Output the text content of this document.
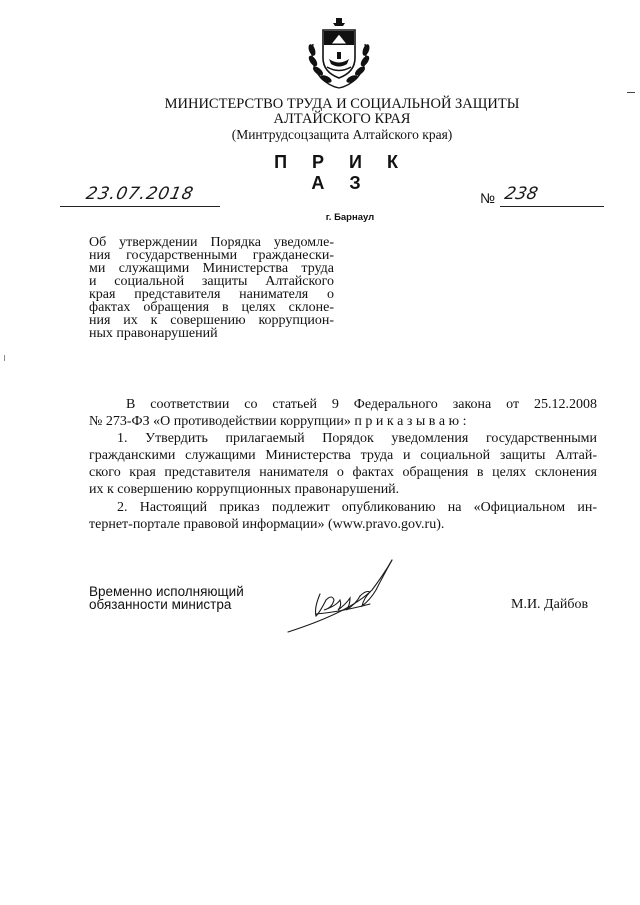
МИНИСТЕРСТВО ТРУДА И СОЦИАЛЬНОЙ ЗАЩИТЫ
АЛТАЙСКОГО КРАЯ
(Минтрудсоцзащита Алтайского края)
П Р И К А З
23.07.2018	№ 238
г. Барнаул
Об утверждении Порядка уведомле-
ния государственными гражданески-
ми служащими Министерства труда
и социальной защиты Алтайского
края представителя нанимателя о
фактах обращения в целях склоне-
ния их к совершению коррупцион-
ных правонарушений
В соответствии со статьей 9 Федерального закона от 25.12.2008
№ 273-ФЗ «О противодействии коррупции» п р и к а з ы в а ю :
1. Утвердить прилагаемый Порядок уведомления государственными
гражданскими служащими Министерства труда и социальной защиты Алтай-
ского края представителя нанимателя о фактах обращения в целях склонения
их к совершению коррупционных правонарушений.
2. Настоящий приказ подлежит опубликованию на «Официальном ин-
тернет-портале правовой информации» (www.pravo.gov.ru).
Временно исполняющий
обязанности министра	М.И. Дайбов
